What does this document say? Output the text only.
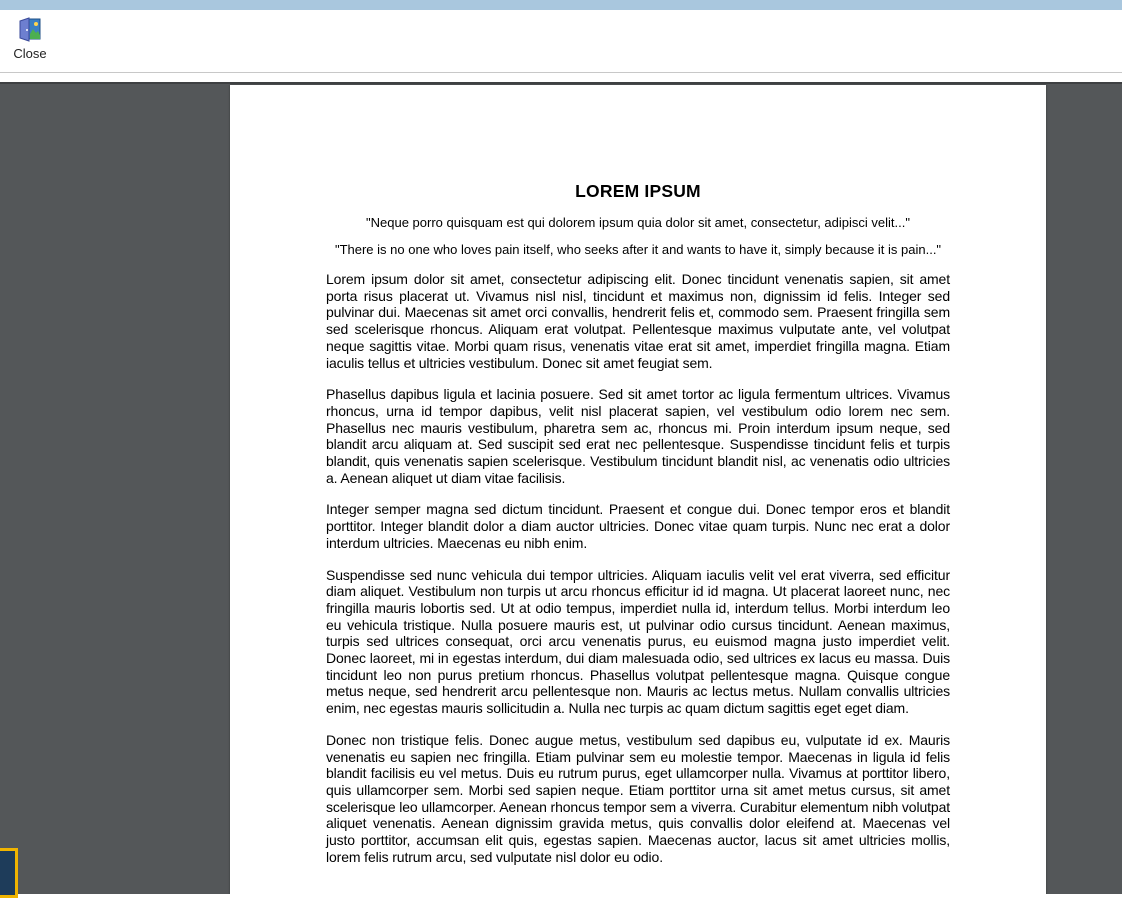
Close
LOREM IPSUM
"Neque porro quisquam est qui dolorem ipsum quia dolor sit amet, consectetur, adipisci velit..."
"There is no one who loves pain itself, who seeks after it and wants to have it, simply because it is pain..."

Lorem ipsum dolor sit amet, consectetur adipiscing elit. Donec tincidunt venenatis sapien, sit amet porta risus placerat ut. Vivamus nisl nisl, tincidunt et maximus non, dignissim id felis. Integer sed pulvinar dui. Maecenas sit amet orci convallis, hendrerit felis et, commodo sem. Praesent fringilla sem sed scelerisque rhoncus. Aliquam erat volutpat. Pellentesque maximus vulputate ante, vel volutpat neque sagittis vitae. Morbi quam risus, venenatis vitae erat sit amet, imperdiet fringilla magna. Etiam iaculis tellus et ultricies vestibulum. Donec sit amet feugiat sem.

Phasellus dapibus ligula et lacinia posuere. Sed sit amet tortor ac ligula fermentum ultrices. Vivamus rhoncus, urna id tempor dapibus, velit nisl placerat sapien, vel vestibulum odio lorem nec sem. Phasellus nec mauris vestibulum, pharetra sem ac, rhoncus mi. Proin interdum ipsum neque, sed blandit arcu aliquam at. Sed suscipit sed erat nec pellentesque. Suspendisse tincidunt felis et turpis blandit, quis venenatis sapien scelerisque. Vestibulum tincidunt blandit nisl, ac venenatis odio ultricies a. Aenean aliquet ut diam vitae facilisis.

Integer semper magna sed dictum tincidunt. Praesent et congue dui. Donec tempor eros et blandit porttitor. Integer blandit dolor a diam auctor ultricies. Donec vitae quam turpis. Nunc nec erat a dolor interdum ultricies. Maecenas eu nibh enim.

Suspendisse sed nunc vehicula dui tempor ultricies. Aliquam iaculis velit vel erat viverra, sed efficitur diam aliquet. Vestibulum non turpis ut arcu rhoncus efficitur id id magna. Ut placerat laoreet nunc, nec fringilla mauris lobortis sed. Ut at odio tempus, imperdiet nulla id, interdum tellus. Morbi interdum leo eu vehicula tristique. Nulla posuere mauris est, ut pulvinar odio cursus tincidunt. Aenean maximus, turpis sed ultrices consequat, orci arcu venenatis purus, eu euismod magna justo imperdiet velit. Donec laoreet, mi in egestas interdum, dui diam malesuada odio, sed ultrices ex lacus eu massa. Duis tincidunt leo non purus pretium rhoncus. Phasellus volutpat pellentesque magna. Quisque congue metus neque, sed hendrerit arcu pellentesque non. Mauris ac lectus metus. Nullam convallis ultricies enim, nec egestas mauris sollicitudin a. Nulla nec turpis ac quam dictum sagittis eget eget diam.

Donec non tristique felis. Donec augue metus, vestibulum sed dapibus eu, vulputate id ex. Mauris venenatis eu sapien nec fringilla. Etiam pulvinar sem eu molestie tempor. Maecenas in ligula id felis blandit facilisis eu vel metus. Duis eu rutrum purus, eget ullamcorper nulla. Vivamus at porttitor libero, quis ullamcorper sem. Morbi sed sapien neque. Etiam porttitor urna sit amet metus cursus, sit amet scelerisque leo ullamcorper. Aenean rhoncus tempor sem a viverra. Curabitur elementum nibh volutpat aliquet venenatis. Aenean dignissim gravida metus, quis convallis dolor eleifend at. Maecenas vel justo porttitor, accumsan elit quis, egestas sapien. Maecenas auctor, lacus sit amet ultricies mollis, lorem felis rutrum arcu, sed vulputate nisl dolor eu odio.
